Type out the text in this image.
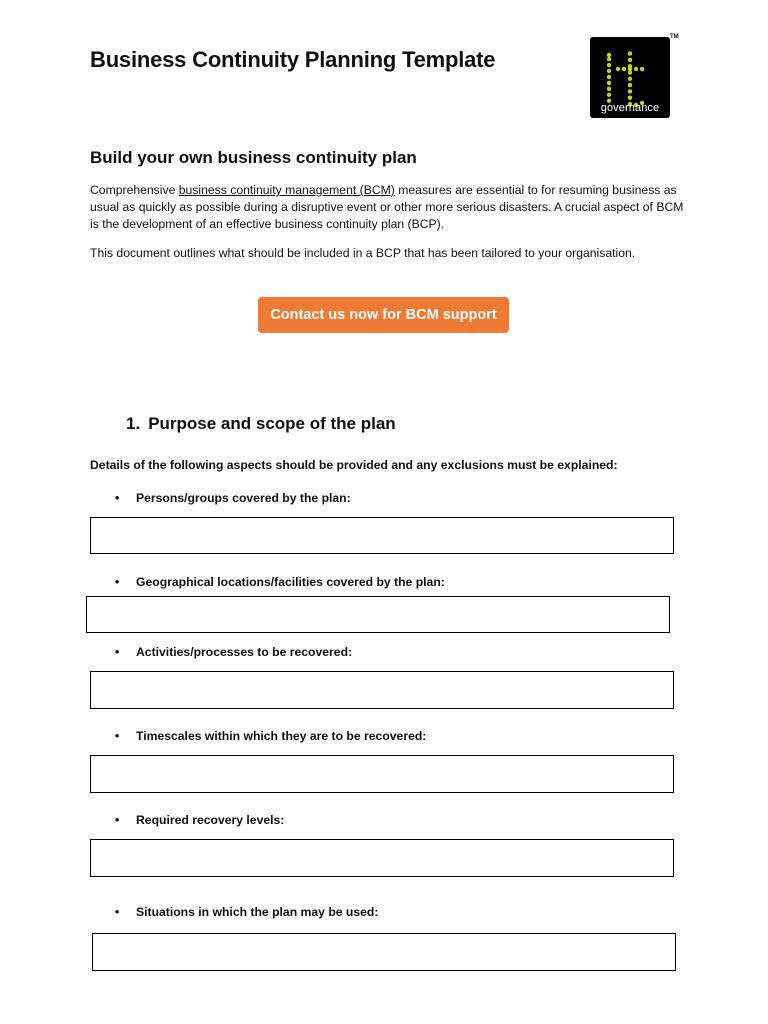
Business Continuity Planning Template
governance
TM
Build your own business continuity plan

Comprehensive business continuity management (BCM) measures are essential to for resuming business as usual as quickly as possible during a disruptive event or other more serious disasters. A crucial aspect of BCM is the development of an effective business continuity plan (BCP).

This document outlines what should be included in a BCP that has been tailored to your organisation.

Contact us now for BCM support
1. Purpose and scope of the plan
Details of the following aspects should be provided and any exclusions must be explained:
• Persons/groups covered by the plan:
• Geographical locations/facilities covered by the plan:
• Activities/processes to be recovered:
• Timescales within which they are to be recovered:
• Required recovery levels:
• Situations in which the plan may be used:
